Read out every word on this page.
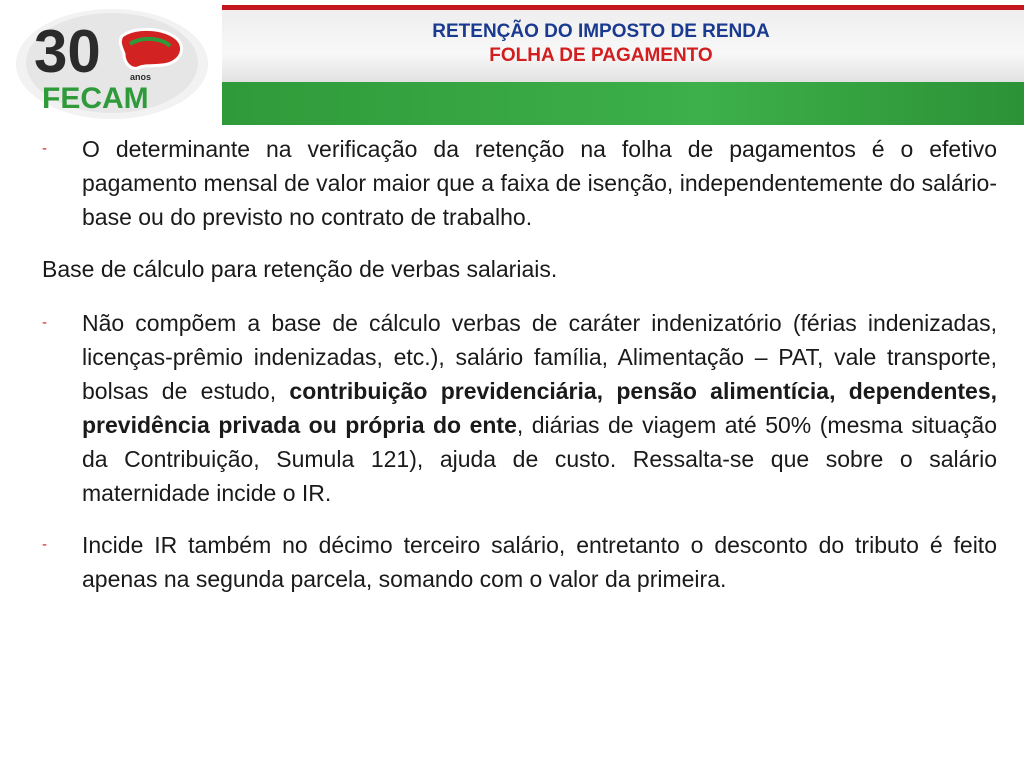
30	anos
FECAM
RETENÇÃO DO IMPOSTO DE RENDA
FOLHA DE PAGAMENTO

-	O determinante na verificação da retenção na folha de pagamentos é o efetivo pagamento mensal de valor maior que a faixa de isenção, independentemente do salário-base ou do previsto no contrato de trabalho.

Base de cálculo para retenção de verbas salariais.

-	Não compõem a base de cálculo verbas de caráter indenizatório (férias indenizadas, licenças-prêmio indenizadas, etc.), salário família, Alimentação – PAT, vale transporte, bolsas de estudo, contribuição previdenciária, pensão alimentícia, dependentes, previdência privada ou própria do ente, diárias de viagem até 50% (mesma situação da Contribuição, Sumula 121), ajuda de custo. Ressalta-se que sobre o salário maternidade incide o IR.

-	Incide IR também no décimo terceiro salário, entretanto o desconto do tributo é feito apenas na segunda parcela, somando com o valor da primeira.
